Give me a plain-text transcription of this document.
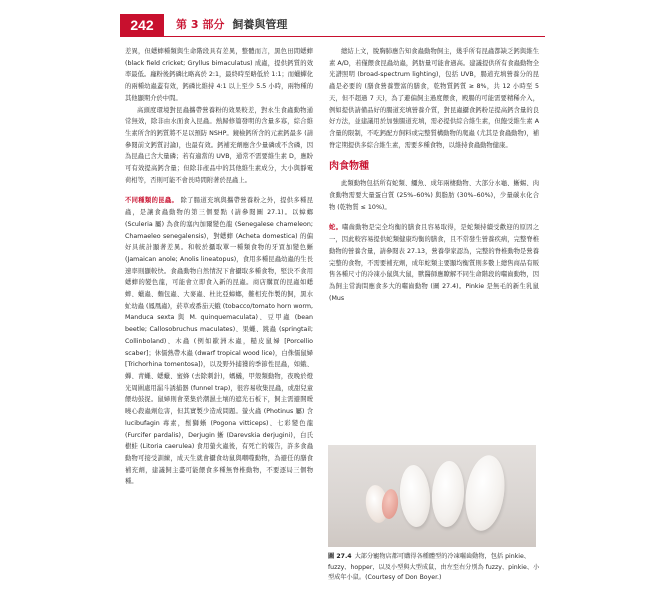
242	第 3 部分 飼養與管理

差異，但蟋蟀種類與生命階段具有差異，整體而言，黑色田間蟋蟀 (black field cricket; Gryllus bimaculatus) 成蟲，提供鈣質的效率最低。龐粉後鈣磷比略高於 2:1，最終時至略低於 1:1；而蠟蟬化的兩種幼蟲蓋有效，鈣磷比維持 4:1 以上至少 5.5 小時，兩物種的其他顯期介於中間。

高頭度環境對昆蟲攜帶營養粉的效果較差，對永生食蟲動物通常無效，除非由水面食入昆蟲。熱歸修篇發明的含量多寡，綜合維生素所含的鈣質將不足以預防 NSHP。鏡檢鈣所含的元素鈣最多 (請參閱前文鈣質討論)，也最有效。鈣補充劑應含少量磷或不含磷，因為昆蟲已含大量磷；若有適當的 UVB，通常不需要維生素 D，應盼可有效提高鈣含量；但除非產品中的其他維生素成分，大小與靜電荷相等，否則可能不會長時間附著於昆蟲上。

不同種類的昆蟲。 除了腸道充填與攜帶營養粉之外，提供多種昆蟲，是讓食蟲動物的第三個要點 (請參閱圖 27.1)。以蟑螂 (Sculeria 屬) 為食的塞內加爾變色龍 (Senegalese chameleon; Chamaeleo senegalensis)，對蟋蟀 (Acheta domestica) 的偏好具統計顯著差異。和較於攝取單一種類食物的牙買加變色蜥 (Jamaican anole; Anolis lineatopus)，食用多種昆蟲幼蟲的生長速率則顯較快。食蟲動物自然情況下會攝取多種食物，堅決不食用蟋蟀的變色龍，可能會立即食入新的昆蟲。商店購買的昆蟲如蟋蟀、蠟蟲、麵包蟲、大麥蟲、杜比亞蟑螂，難相充作製的飼，黑水虻幼蟲 (鳳凰蟲)，菸草或番茄天蛾 (tobacco/tomato horn worm, Manduca sexta 與 M. quinquemaculata)、豆甲蟲 (bean beetle; Callosobruchus maculates)、果蠅、跳蟲 (springtail; Collinboland)、木蟲 (例如歐洲木蟲，糙皮鼠婦 [Porcellio scaber]；休儒熱帶木蟲 (dwarf tropical wood lice)，白侏儒鼠婦 [Trichorhina tomentosa])，以及野外捕獲的季節性昆蟲，如蛾、蟬、青蠅、蟋蠟、蜜蜂 (去除刺針)，螞蟻，甲殼類動物，夜晚於燈光周圍處用漏斗誘捕器 (funnel trap)，很容易收集昆蟲，或甜兒童餵幼鼓捉。鼠婦則會業集於潮濕土壤的遮光石板下，飼主需避開曖曉心殺蟲劑危害，但其實製少造成問題。螢火蟲 (Photinus 屬) 含 lucibufagin 毒素，鬃獅蜥 (Pogona vitticeps)、七彩變色龍 (Furcifer pardalis)，Derjugin 蜥 (Darevskia derjugini)，白氏樹蛙 (Litoria caerulea) 食用螢火蟲後，有死亡的報告，許多食蟲動物可接受訓練，成天生就會攝食幼鼠與嘲噬動物，為避任的膳食補充劑，建議飼主盡可能餵食多種無脊椎動物，不要逐局三個物種。

總結上文，脫胸肺應告知食蟲動物飼主，幾乎所有昆蟲都缺乏鈣與維生素 A/D，若僅餵食昆蟲幼蟲，鈣肪量可能會過高。建議提供所有食蟲動物全光譜照明 (broad-spectrum lighting)，包括 UVB，腸道充填營養分的昆蟲是必要的 (膳食營養豐富的膳食，乾物質鈣質 ≥ 8%，共 12 小時至 5 天，但不超過 7 天)，為了避偏飼主過度餵食，殿腸的可能需要精稀介入，例如提供請備品好的腸道充填營養介質，對昆蟲攝食鈣粉足提高鈣含量的良好方法，並建議用於加強腸道充填，需必提供綜合維生素，但飽受維生素 A 含量的限制，不吃鈣配方飼料或完整質構動物的爬蟲 (尤其是食蟲動物)，補脊定期提供多綜合維生素，需要多種食物，以維持食蟲動物健康。

肉食物種

此類動物包括所有蛇類、鱷魚、成年兩棲動物、大部分水龜、蜥蜴、肉食動物需要大量蛋白質 (25%–60%) 與脂肪 (30%–60%)，少量碳水化合物 (乾物質 ≤ 10%)。

蛇。囓齒動物是完全均衡的膳食且容易取得，是蛇類持續受歡迎的原因之一，因此較容易提供蛇類健康均衡的膳食，且不常發生營養疾病，完整脊椎動物的營養含量，請參閱表 27.13，營養學家認為，完整的脊椎動物是營養完整的食物，不需要補充劑，成年蛇類主要顯均衡質則多數上總售商品有販售各種尺寸的冷凍小鼠與大鼠，獸醫師應瞭解不同生命階段的囓齒動物，因為飼主常詢問應食多大的囓齒動物 (圖 27.4)。Pinkie 是無毛的新生乳鼠 (Mus

圖 27.4 大部分寵物店都可購得各種體型的冷凍囓齒動物，包括 pinkie、fuzzy、hopper，以及小型與大型成鼠，由左至右分別為 fuzzy、pinkie、小型成年小鼠。(Courtesy of Don Boyer.)
